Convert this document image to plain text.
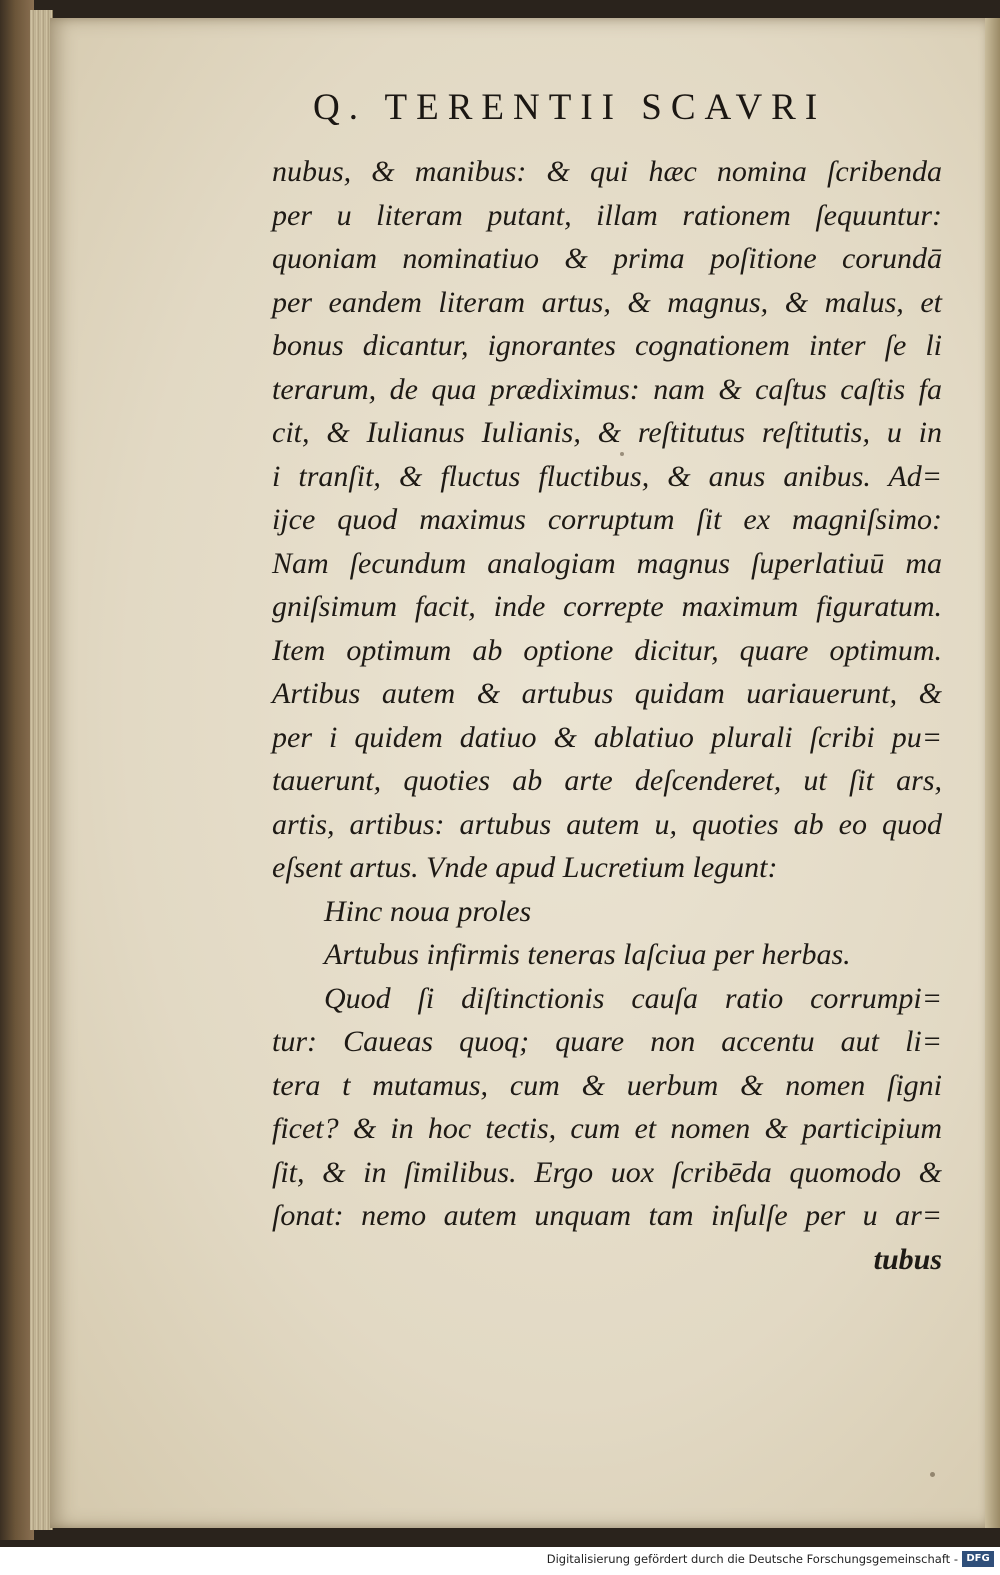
Q. TERENTII SCAVRI
nubus, & manibus: & qui hæc nomina ſcribenda
per u literam putant, illam rationem ſequuntur:
quoniam nominatiuo & prima poſitione corundā
per eandem literam artus, & magnus, & malus, et
bonus dicantur, ignorantes cognationem inter ſe li
terarum, de qua prædiximus: nam & caſtus caſtis fa
cit, & Iulianus Iulianis, & reſtitutus reſtitutis, u in
i tranſit, & fluctus fluctibus, & anus anibus. Ad=
ijce quod maximus corruptum ſit ex magniſsimo:
Nam ſecundum analogiam magnus ſuperlatiuū ma
gniſsimum facit, inde correpte maximum figuratum.
Item optimum ab optione dicitur, quare optimum.
Artibus autem & artubus quidam uariauerunt, &
per i quidem datiuo & ablatiuo plurali ſcribi pu=
tauerunt, quoties ab arte deſcenderet, ut ſit ars,
artis, artibus: artubus autem u, quoties ab eo quod
eſsent artus. Vnde apud Lucretium legunt:
Hinc noua proles
Artubus infirmis teneras laſciua per herbas.
Quod ſi diſtinctionis cauſa ratio corrumpi=
tur: Caueas quoq; quare non accentu aut li=
tera t mutamus, cum & uerbum & nomen ſigni
ficet? & in hoc tectis, cum et nomen & participium
ſit, & in ſimilibus. Ergo uox ſcribēda quomodo &
ſonat: nemo autem unquam tam inſulſe per u ar=
tubus
Digitalisierung gefördert durch die Deutsche Forschungsgemeinschaft - DFG
